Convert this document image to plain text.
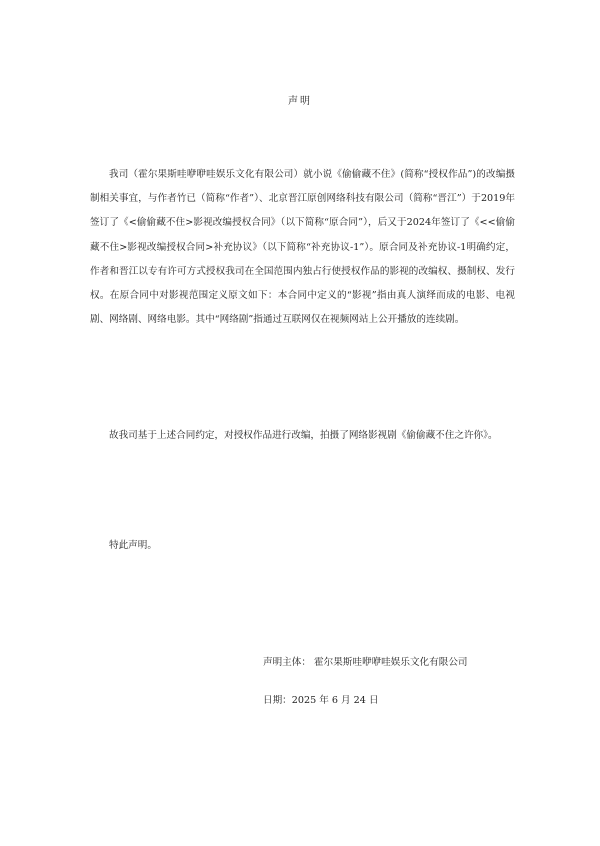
声明
我司（霍尔果斯哇咿咿哇娱乐文化有限公司）就小说《偷偷藏不住》(简称“授权作品”)的改编摄制相关事宜，与作者竹已（简称“作者”）、北京晋江原创网络科技有限公司（简称“晋江”）于2019年签订了《<偷偷藏不住>影视改编授权合同》（以下简称“原合同”），后又于2024年签订了《<<偷偷藏不住>影视改编授权合同>补充协议》（以下简称“补充协议-1”）。原合同及补充协议-1明确约定，作者和晋江以专有许可方式授权我司在全国范围内独占行使授权作品的影视的改编权、摄制权、发行权。在原合同中对影视范围定义原文如下：本合同中定义的“影视”指由真人演绎而成的电影、电视剧、网络剧、网络电影。其中“网络剧”指通过互联网仅在视频网站上公开播放的连续剧。
故我司基于上述合同约定，对授权作品进行改编，拍摄了网络影视剧《偷偷藏不住之许你》。
特此声明。
声明主体： 霍尔果斯哇咿咿哇娱乐文化有限公司
日期：2025 年 6 月 24 日
